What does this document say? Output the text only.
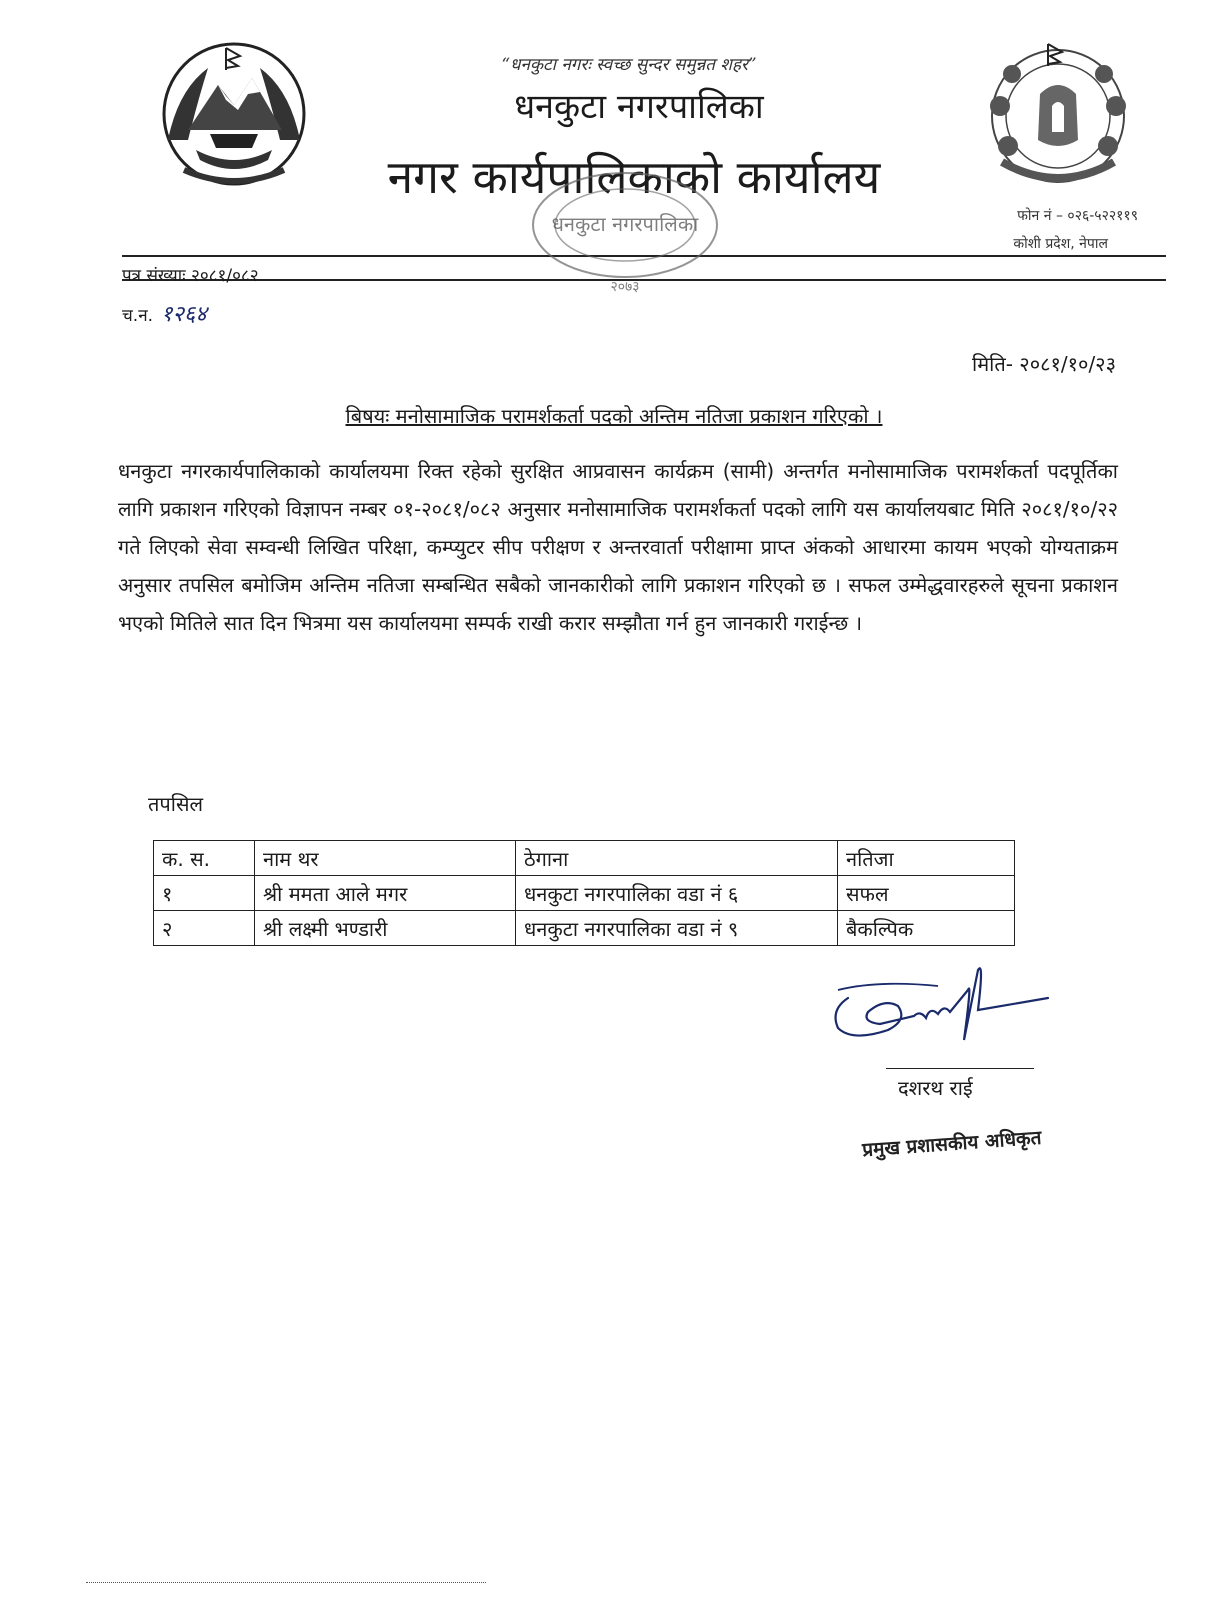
“धनकुटा नगरः स्वच्छ सुन्दर समुन्नत शहर”
धनकुटा नगरपालिका
नगर कार्यपालिकाको कार्यालय
फोन नं – ०२६-५२२११९
कोशी प्रदेश, नेपाल
धनकुटा नगरपालिका
२०७३
पत्र संख्याः २०८१/०८२
च.न. १२६४
मिति- २०८१/१०/२३
बिषयः मनोसामाजिक परामर्शकर्ता पदको अन्तिम नतिजा प्रकाशन गरिएको ।
धनकुटा नगरकार्यपालिकाको कार्यालयमा रिक्त रहेको सुरक्षित आप्रवासन कार्यक्रम (सामी) अन्तर्गत मनोसामाजिक परामर्शकर्ता पदपूर्तिका लागि प्रकाशन गरिएको विज्ञापन नम्बर ०१-२०८१/०८२ अनुसार मनोसामाजिक परामर्शकर्ता पदको लागि यस कार्यालयबाट मिति २०८१/१०/२२ गते लिएको सेवा सम्वन्धी लिखित परिक्षा, कम्प्युटर सीप परीक्षण र अन्तरवार्ता परीक्षामा प्राप्त अंकको आधारमा कायम भएको योग्यताक्रम अनुसार तपसिल बमोजिम अन्तिम नतिजा सम्बन्धित सबैको जानकारीको लागि प्रकाशन गरिएको छ । सफल उम्मेद्धवारहरुले सूचना प्रकाशन भएको मितिले सात दिन भित्रमा यस कार्यालयमा सम्पर्क राखी करार सम्झौता गर्न हुन जानकारी गराईन्छ ।
तपसिल
क. स.	नाम थर	ठेगाना	नतिजा
१	श्री ममता आले मगर	धनकुटा नगरपालिका वडा नं ६	सफल
२	श्री लक्ष्मी भण्डारी	धनकुटा नगरपालिका वडा नं ९	बैकल्पिक
दशरथ राई
प्रमुख प्रशासकीय अधिकृत
